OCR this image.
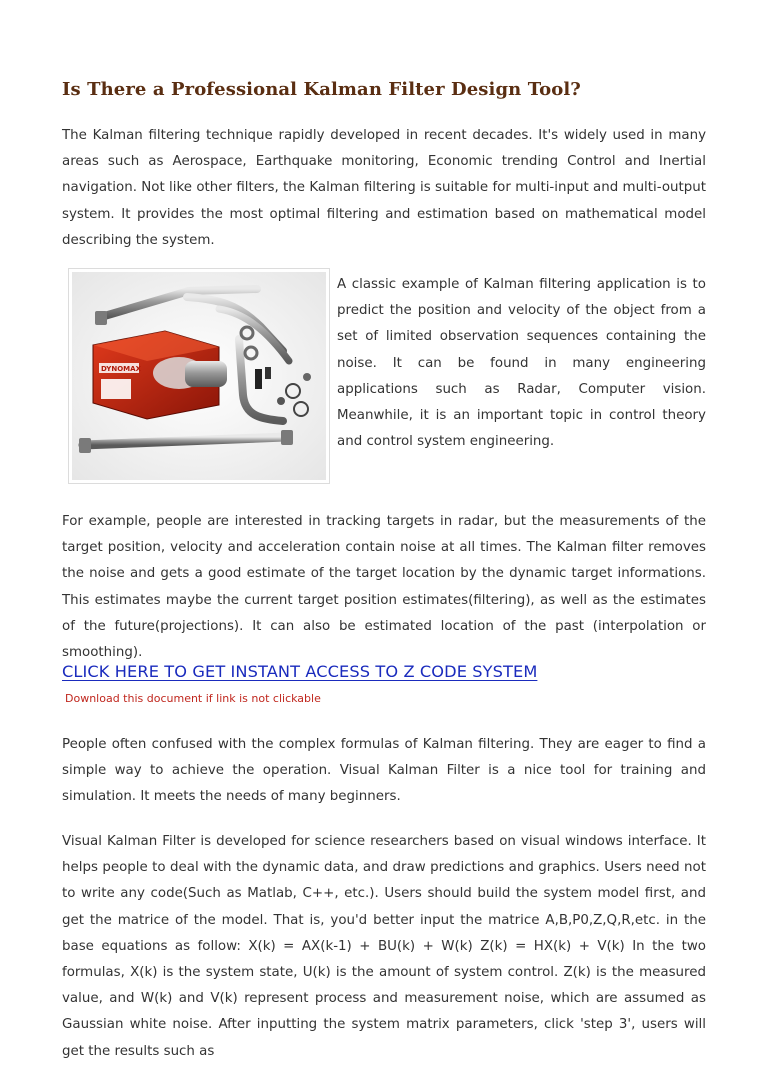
Is There a Professional Kalman Filter Design Tool?

The Kalman filtering technique rapidly developed in recent decades. It's widely used in many areas such as Aerospace, Earthquake monitoring, Economic trending Control and Inertial navigation. Not like other filters, the Kalman filtering is suitable for multi-input and multi-output system. It provides the most optimal filtering and estimation based on mathematical model describing the system.

DYNOMAX

A classic example of Kalman filtering application is to predict the position and velocity of the object from a set of limited observation sequences containing the noise. It can be found in many engineering applications such as Radar, Computer vision. Meanwhile, it is an important topic in control theory and control system engineering.

For example, people are interested in tracking targets in radar, but the measurements of the target position, velocity and acceleration contain noise at all times. The Kalman filter removes the noise and gets a good estimate of the target location by the dynamic target informations. This estimates maybe the current target position estimates(filtering), as well as the estimates of the future(projections). It can also be estimated location of the past (interpolation or smoothing).

CLICK HERE TO GET INSTANT ACCESS TO Z CODE SYSTEM
Download this document if link is not clickable

People often confused with the complex formulas of Kalman filtering. They are eager to find a simple way to achieve the operation. Visual Kalman Filter is a nice tool for training and simulation. It meets the needs of many beginners.

Visual Kalman Filter is developed for science researchers based on visual windows interface. It helps people to deal with the dynamic data, and draw predictions and graphics. Users need not to write any code(Such as Matlab, C++, etc.). Users should build the system model first, and get the matrice of the model. That is, you'd better input the matrice A,B,P0,Z,Q,R,etc. in the base equations as follow: X(k) = AX(k-1) + BU(k) + W(k) Z(k) = HX(k) + V(k) In the two formulas, X(k) is the system state, U(k) is the amount of system control. Z(k) is the measured value, and W(k) and V(k) represent process and measurement noise, which are assumed as Gaussian white noise. After inputting the system matrix parameters, click 'step 3', users will get the results such as
